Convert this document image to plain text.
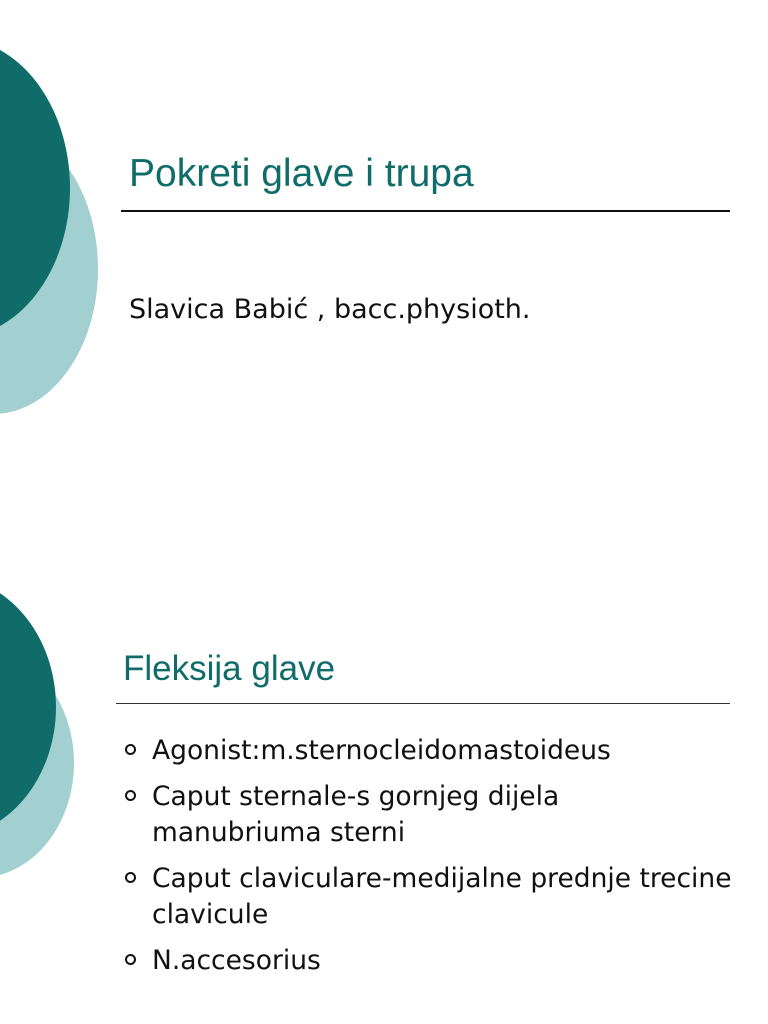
Pokreti glave i trupa
Slavica Babić , bacc.physioth.
Fleksija glave
Agonist:m.sternocleidomastoideus
Caput sternale-s gornjeg dijela manubriuma sterni
Caput claviculare-medijalne prednje trecine clavicule
N.accesorius
